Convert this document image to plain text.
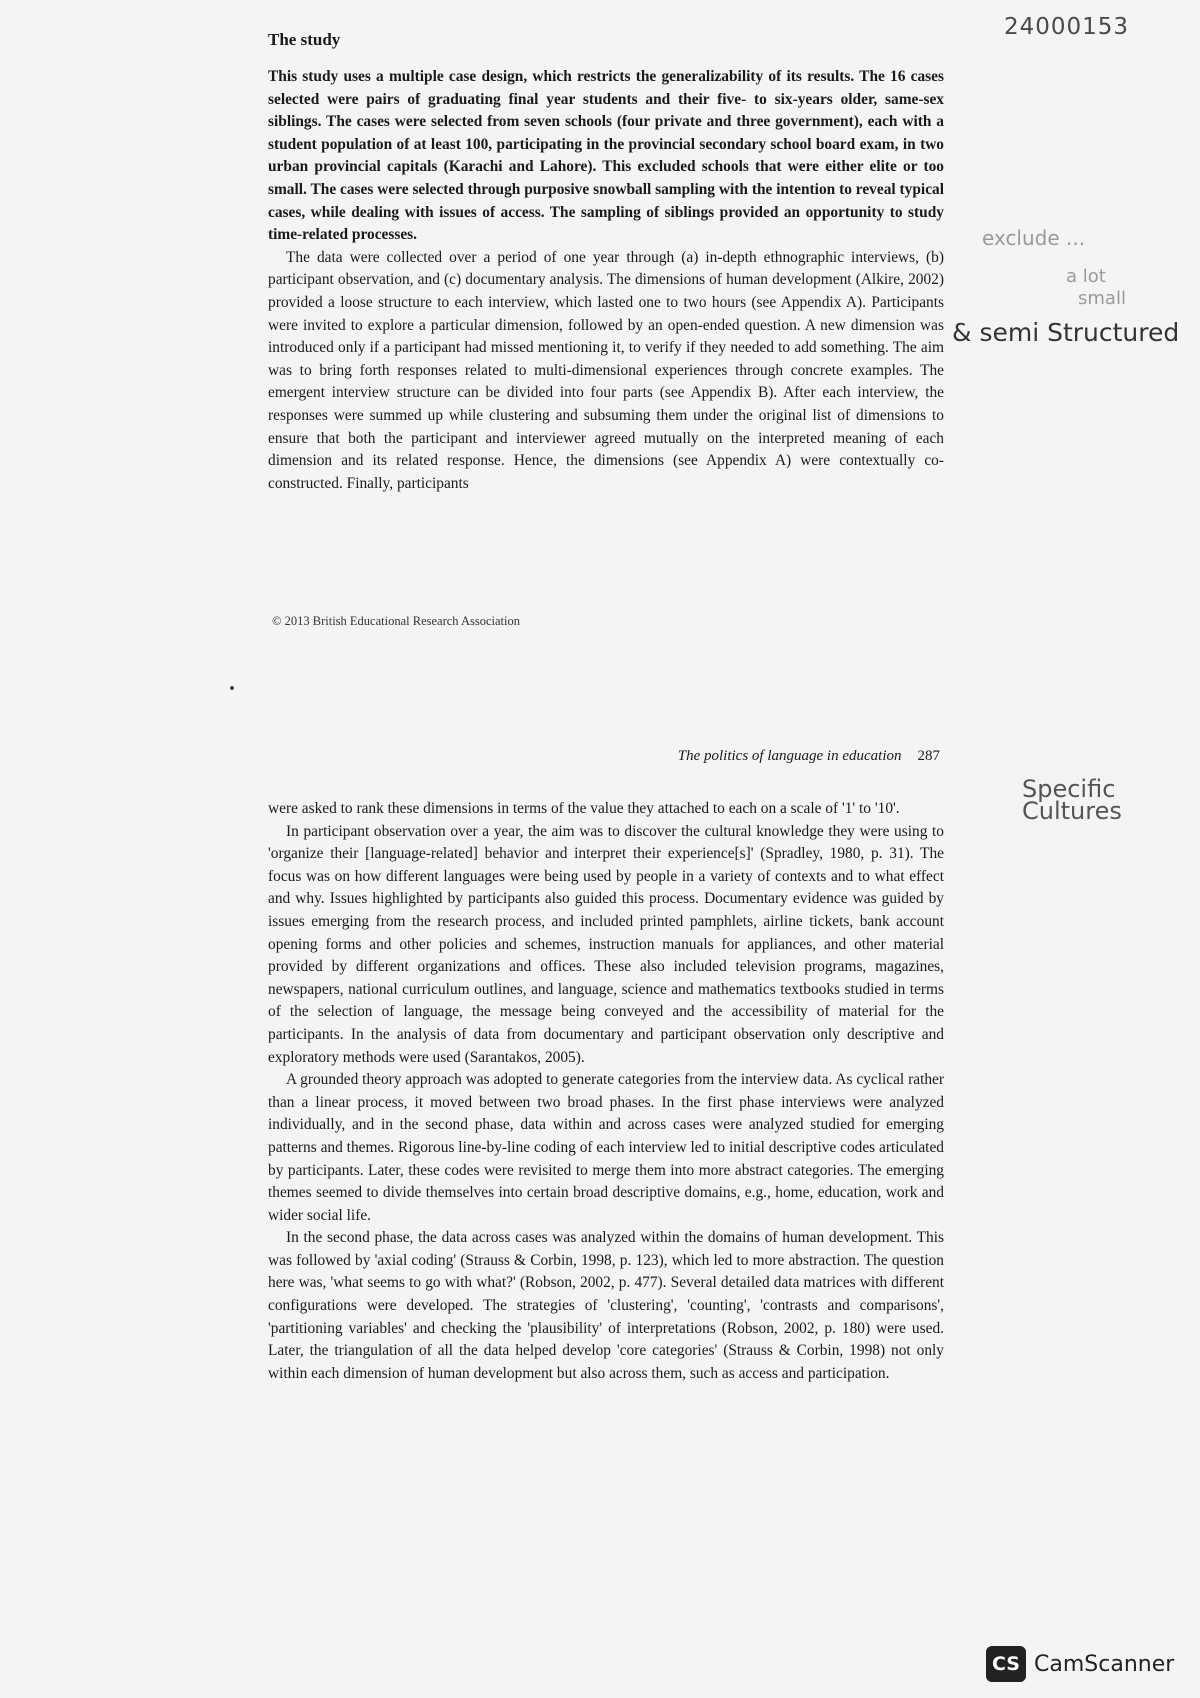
24000153
exclude ...
a lot
small
& semi Structured
Specific Cultures
The study

This study uses a multiple case design, which restricts the generalizability of its results. The 16 cases selected were pairs of graduating final year students and their five- to six-years older, same-sex siblings. The cases were selected from seven schools (four private and three government), each with a student population of at least 100, participating in the provincial secondary school board exam, in two urban provincial capitals (Karachi and Lahore). This excluded schools that were either elite or too small. The cases were selected through purposive snowball sampling with the intention to reveal typical cases, while dealing with issues of access. The sampling of siblings provided an opportunity to study time-related processes.

The data were collected over a period of one year through (a) in-depth ethnographic interviews, (b) participant observation, and (c) documentary analysis. The dimensions of human development (Alkire, 2002) provided a loose structure to each interview, which lasted one to two hours (see Appendix A). Participants were invited to explore a particular dimension, followed by an open-ended question. A new dimension was introduced only if a participant had missed mentioning it, to verify if they needed to add something. The aim was to bring forth responses related to multi-dimensional experiences through concrete examples. The emergent interview structure can be divided into four parts (see Appendix B). After each interview, the responses were summed up while clustering and subsuming them under the original list of dimensions to ensure that both the participant and interviewer agreed mutually on the interpreted meaning of each dimension and its related response. Hence, the dimensions (see Appendix A) were contextually co-constructed. Finally, participants

© 2013 British Educational Research Association
The politics of language in education 287

were asked to rank these dimensions in terms of the value they attached to each on a scale of '1' to '10'.

In participant observation over a year, the aim was to discover the cultural knowledge they were using to 'organize their [language-related] behavior and interpret their experience[s]' (Spradley, 1980, p. 31). The focus was on how different languages were being used by people in a variety of contexts and to what effect and why. Issues highlighted by participants also guided this process. Documentary evidence was guided by issues emerging from the research process, and included printed pamphlets, airline tickets, bank account opening forms and other policies and schemes, instruction manuals for appliances, and other material provided by different organizations and offices. These also included television programs, magazines, newspapers, national curriculum outlines, and language, science and mathematics textbooks studied in terms of the selection of language, the message being conveyed and the accessibility of material for the participants. In the analysis of data from documentary and participant observation only descriptive and exploratory methods were used (Sarantakos, 2005).

A grounded theory approach was adopted to generate categories from the interview data. As cyclical rather than a linear process, it moved between two broad phases. In the first phase interviews were analyzed individually, and in the second phase, data within and across cases were analyzed studied for emerging patterns and themes. Rigorous line-by-line coding of each interview led to initial descriptive codes articulated by participants. Later, these codes were revisited to merge them into more abstract categories. The emerging themes seemed to divide themselves into certain broad descriptive domains, e.g., home, education, work and wider social life.

In the second phase, the data across cases was analyzed within the domains of human development. This was followed by 'axial coding' (Strauss & Corbin, 1998, p. 123), which led to more abstraction. The question here was, 'what seems to go with what?' (Robson, 2002, p. 477). Several detailed data matrices with different configurations were developed. The strategies of 'clustering', 'counting', 'contrasts and comparisons', 'partitioning variables' and checking the 'plausibility' of interpretations (Robson, 2002, p. 180) were used. Later, the triangulation of all the data helped develop 'core categories' (Strauss & Corbin, 1998) not only within each dimension of human development but also across them, such as access and participation.

CS CamScanner
